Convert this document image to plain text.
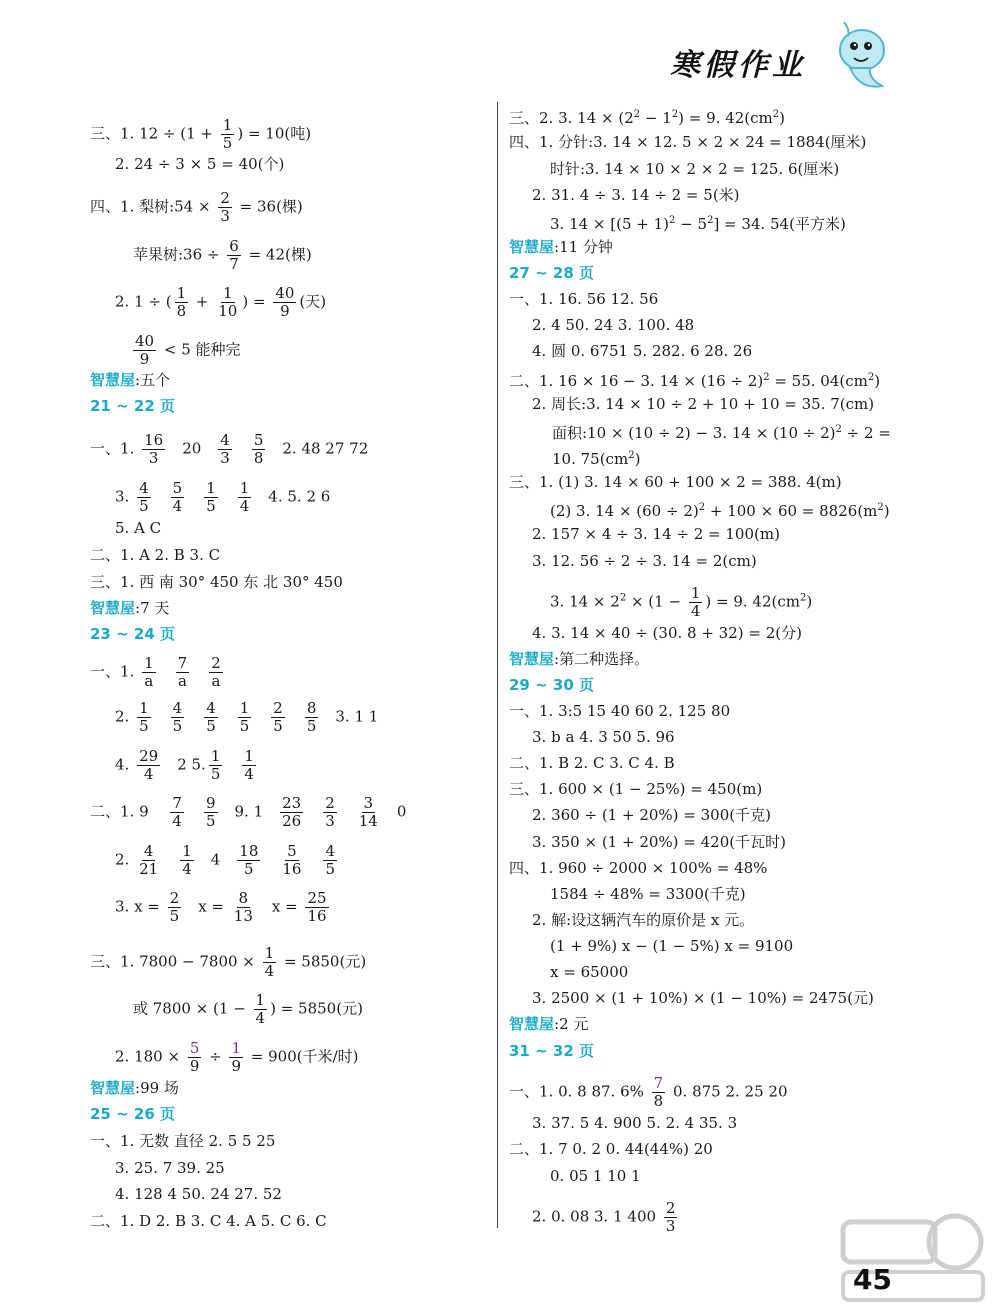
寒假作业
三、1. $12 \div (1 + \frac{1}{5}$ ) = 10(吨)
2. 24 ÷ 3 × 5 = 40(个)
四、1. 梨树:54 × $\frac{2}{3} = 36$(棵)
苹果树:36 ÷ $\frac{6}{7} = 42$(棵)
2. 1 ÷ ( $\frac{1}{8} + \frac{1}{10}$ ) = $\frac{40}{9}$ (天)
$\frac{40}{9} < 5$ 能种完
智慧屋:五个
21 ~ 22 页
一、1. $\frac{16}{3} 20 \frac{4}{3} \frac{5}{8} 2$. 48 27 72
3. $\frac{4}{5} \frac{5}{4} \frac{1}{5} \frac{1}{4} 4$. 5. 2 6
5. A C
二、1. A 2. B 3. C
三、1. 西 南 30° 450 东 北 30° 450
智慧屋:7 天
23 ~ 24 页
一、1. $\frac{1}{a} \frac{7}{a} \frac{2}{a}$
2. $\frac{1}{5} \frac{4}{5} \frac{4}{5} \frac{1}{5} \frac{2}{5} \frac{8}{5} 3$. 1 1
4. $\frac{29}{4} 2$ 5. $\frac{1}{5} \frac{1}{4}$
二、1. $9 \frac{7}{4} \frac{9}{5} 9$. $1 \frac{23}{26} \frac{2}{3} \frac{3}{14} 0$
2. $\frac{4}{21} \frac{1}{4} 4 \frac{18}{5} \frac{5}{16} \frac{4}{5}$
3. $x = \frac{2}{5}$ $x = \frac{8}{13}$ $x = \frac{25}{16}$
三、1. $7800 - 7800 \times \frac{1}{4} = 5850$(元)
或 $7800 \times (1 - \frac{1}{4}$ ) = 5850(元)
2. $180 \times \frac{5}{9} \div \frac{1}{9} = 900$(千米/时)
智慧屋:99 场
25 ~ 26 页
一、1. 无数 直径 2. 5 5 25
3. 25. 7 39. 25
4. 128 4 50. 24 27. 52
二、1. D 2. B 3. C 4. A 5. C 6. C
三、2. 3. $14 \times (2^2 - 1^2) = 9$. $42(cm^2)$
四、1. 分针:3. 14 × 12. 5 × 2 × 24 = 1884(厘米)
时针:3. 14 × 10 × 2 × 2 = 125. 6(厘米)
2. 31. 4 ÷ 3. 14 ÷ 2 = 5(米)
3. $14 \times [(5 + 1)^2 - 5^2] = 34$. 54(平方米)
智慧屋:11 分钟
27 ~ 28 页
一、1. 16. 56 12. 56
2. 4 50. 24 3. 100. 48
4. 圆 0. 6751 5. 282. 6 28. 26
二、1. 16 × 16 − 3. $14 \times (16 \div 2)^2 = 55$. $04(cm^2)$
2. 周长:3. 14 × 10 ÷ 2 + 10 + 10 = 35. 7(cm)
面积:10 × (10 ÷ 2) − 3. $14 \times (10 \div 2)^2 \div 2$ =
10. $75(cm^2)$
三、1. (1) 3. 14 × 60 + 100 × 2 = 388. 4(m)
(2) 3. $14 \times (60 \div 2)^2 + 100 \times 60 = 8826(m^2)$
2. 157 × 4 ÷ 3. 14 ÷ 2 = 100(m)
3. 12. 56 ÷ 2 ÷ 3. 14 = 2(cm)
3. $14 \times 2^2 \times (1 - \frac{1}{4}$ ) = 9. $42(cm^2)$
4. 3. 14 × 40 ÷ (30. 8 + 32) = 2(分)
智慧屋:第二种选择。
29 ~ 30 页
一、1. 3:5 15 40 60 2. 125 80
3. b a 4. 3 50 5. 96
二、1. B 2. C 3. C 4. B
三、1. 600 × (1 − 25%) = 450(m)
2. 360 ÷ (1 + 20%) = 300(千克)
3. 350 × (1 + 20%) = 420(千瓦时)
四、1. 960 ÷ 2000 × 100% = 48%
1584 ÷ 48% = 3300(千克)
2. 解:设这辆汽车的原价是 x 元。
(1 + 9%) x − (1 − 5%) x = 9100
x = 65000
3. 2500 × (1 + 10%) × (1 − 10%) = 2475(元)
智慧屋:2 元
31 ~ 32 页
一、1. 0. 8 87. $6\% \frac{7}{8} 0$. 875 2. 25 20
3. 37. 5 4. 900 5. 2. 4 35. 3
二、1. 7 0. 2 0. 44(44%) 20
0. 05 1 10 1
2. 0. 08 3. 1 $400 \frac{2}{3}$
45
